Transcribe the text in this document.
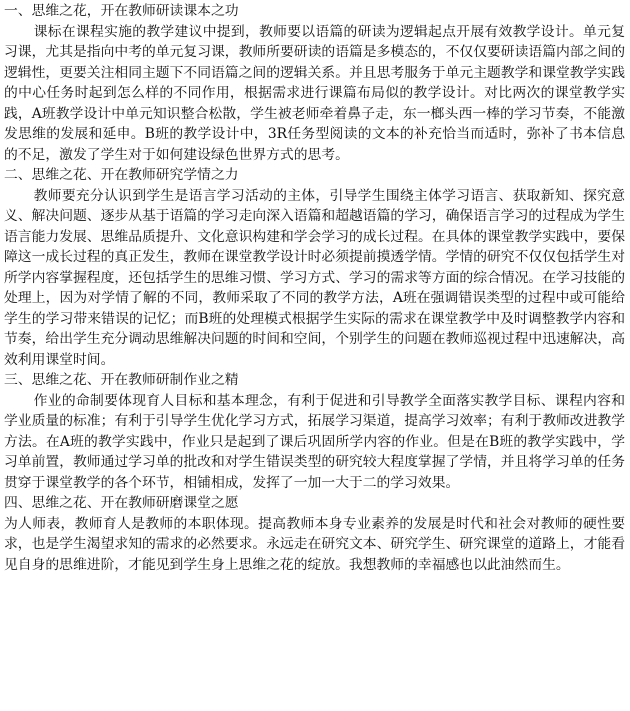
一、思维之花，开在教师研读课本之功

课标在课程实施的教学建议中提到，教师要以语篇的研读为逻辑起点开展有效教学设计。单元复习课，尤其是指向中考的单元复习课，教师所要研读的语篇是多模态的，不仅仅要研读语篇内部之间的逻辑性，更要关注相同主题下不同语篇之间的逻辑关系。并且思考服务于单元主题教学和课堂教学实践的中心任务时起到怎么样的不同作用，根据需求进行课篇布局似的教学设计。对比两次的课堂教学实践，A班教学设计中单元知识整合松散，学生被老师牵着鼻子走，东一榔头西一棒的学习节奏，不能激发思维的发展和延申。B班的教学设计中，3R任务型阅读的文本的补充恰当而适时，弥补了书本信息的不足，激发了学生对于如何建设绿色世界方式的思考。

二、思维之花、开在教师研究学情之力

教师要充分认识到学生是语言学习活动的主体，引导学生围绕主体学习语言、获取新知、探究意义、解决问题、逐步从基于语篇的学习走向深入语篇和超越语篇的学习，确保语言学习的过程成为学生语言能力发展、思维品质提升、文化意识构建和学会学习的成长过程。在具体的课堂教学实践中，要保障这一成长过程的真正发生，教师在课堂教学设计时必须提前摸透学情。学情的研究不仅仅包括学生对所学内容掌握程度，还包括学生的思维习惯、学习方式、学习的需求等方面的综合情况。在学习技能的处理上，因为对学情了解的不同，教师采取了不同的教学方法，A班在强调错误类型的过程中或可能给学生的学习带来错误的记忆；而B班的处理模式根据学生实际的需求在课堂教学中及时调整教学内容和节奏，给出学生充分调动思维解决问题的时间和空间，个别学生的问题在教师巡视过程中迅速解决，高效利用课堂时间。

三、思维之花、开在教师研制作业之精

作业的命制要体现育人目标和基本理念，有利于促进和引导教学全面落实教学目标、课程内容和学业质量的标准；有利于引导学生优化学习方式，拓展学习渠道，提高学习效率；有利于教师改进教学方法。在A班的教学实践中，作业只是起到了课后巩固所学内容的作业。但是在B班的教学实践中，学习单前置，教师通过学习单的批改和对学生错误类型的研究较大程度掌握了学情，并且将学习单的任务贯穿于课堂教学的各个环节，相铺相成，发挥了一加一大于二的学习效果。

四、思维之花、开在教师研磨课堂之愿

为人师表，教师育人是教师的本职体现。提高教师本身专业素养的发展是时代和社会对教师的硬性要求，也是学生渴望求知的需求的必然要求。永远走在研究文本、研究学生、研究课堂的道路上，才能看见自身的思维进阶，才能见到学生身上思维之花的绽放。我想教师的幸福感也以此油然而生。
